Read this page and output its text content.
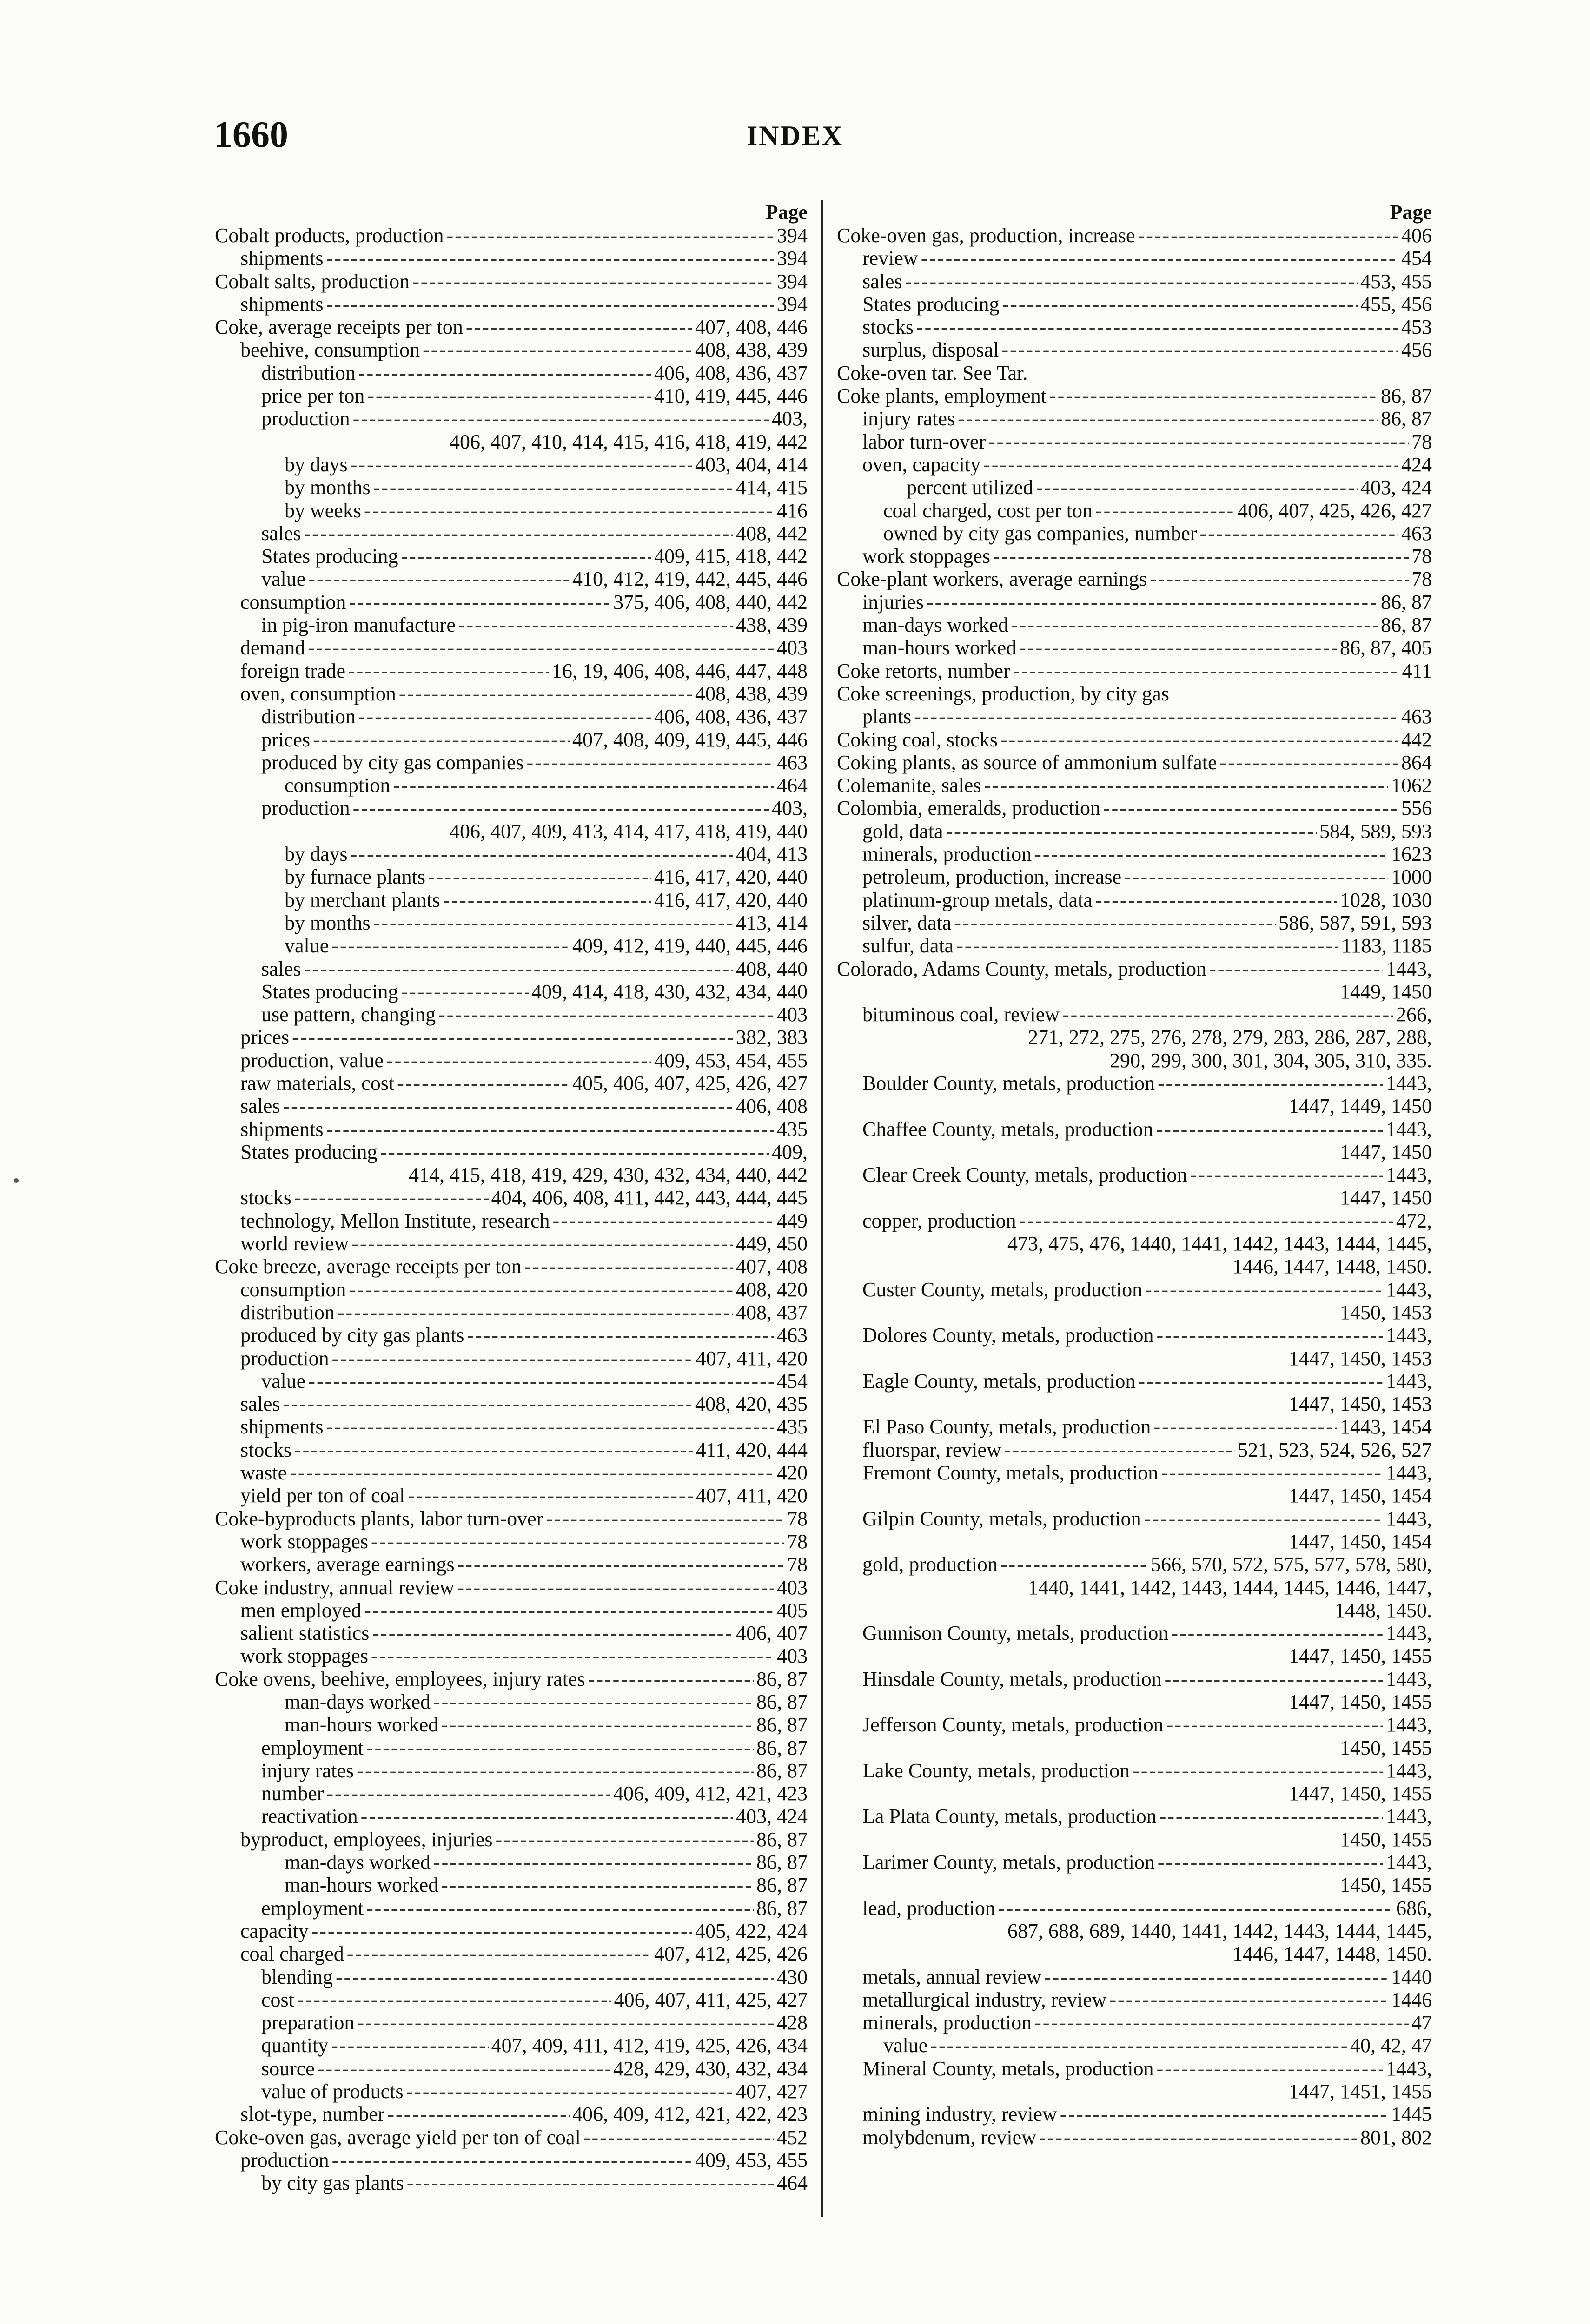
1660	INDEX
Page
Cobalt products, production -----	394
shipments -----	394
Cobalt salts, production -----	394
shipments -----	394
Coke, average receipts per ton -----	407, 408, 446
beehive, consumption -----	408, 438, 439
distribution -----	406, 408, 436, 437
price per ton -----	410, 419, 445, 446
production -----	403,
406, 407, 410, 414, 415, 416, 418, 419, 442
by days -----	403, 404, 414
by months -----	414, 415
by weeks -----	416
sales -----	408, 442
States producing -----	409, 415, 418, 442
value -----	410, 412, 419, 442, 445, 446
consumption -----	375, 406, 408, 440, 442
in pig-iron manufacture -----	438, 439
demand -----	403
foreign trade -----	16, 19, 406, 408, 446, 447, 448
oven, consumption -----	408, 438, 439
distribution -----	406, 408, 436, 437
prices -----	407, 408, 409, 419, 445, 446
produced by city gas companies -----	463
consumption -----	464
production -----	403,
406, 407, 409, 413, 414, 417, 418, 419, 440
by days -----	404, 413
by furnace plants -----	416, 417, 420, 440
by merchant plants -----	416, 417, 420, 440
by months -----	413, 414
value -----	409, 412, 419, 440, 445, 446
sales -----	408, 440
States producing -----	409, 414, 418, 430, 432, 434, 440
use pattern, changing -----	403
prices -----	382, 383
production, value -----	409, 453, 454, 455
raw materials, cost -----	405, 406, 407, 425, 426, 427
sales -----	406, 408
shipments -----	435
States producing -----	409,
414, 415, 418, 419, 429, 430, 432, 434, 440, 442
stocks -----	404, 406, 408, 411, 442, 443, 444, 445
technology, Mellon Institute, research -----	449
world review -----	449, 450
Coke breeze, average receipts per ton -----	407, 408
consumption -----	408, 420
distribution -----	408, 437
produced by city gas plants -----	463
production -----	407, 411, 420
value -----	454
sales -----	408, 420, 435
shipments -----	435
stocks -----	411, 420, 444
waste -----	420
yield per ton of coal -----	407, 411, 420
Coke-byproducts plants, labor turn-over -----	78
work stoppages -----	78
workers, average earnings -----	78
Coke industry, annual review -----	403
men employed -----	405
salient statistics -----	406, 407
work stoppages -----	403
Coke ovens, beehive, employees, injury rates -----	86, 87
man-days worked -----	86, 87
man-hours worked -----	86, 87
employment -----	86, 87
injury rates -----	86, 87
number -----	406, 409, 412, 421, 423
reactivation -----	403, 424
byproduct, employees, injuries -----	86, 87
man-days worked -----	86, 87
man-hours worked -----	86, 87
employment -----	86, 87
capacity -----	405, 422, 424
coal charged -----	407, 412, 425, 426
blending -----	430
cost -----	406, 407, 411, 425, 427
preparation -----	428
quantity -----	407, 409, 411, 412, 419, 425, 426, 434
source -----	428, 429, 430, 432, 434
value of products -----	407, 427
slot-type, number -----	406, 409, 412, 421, 422, 423
Coke-oven gas, average yield per ton of coal -----	452
production -----	409, 453, 455
by city gas plants -----	464
Page
Coke-oven gas, production, increase -----	406
review -----	454
sales -----	453, 455
States producing -----	455, 456
stocks -----	453
surplus, disposal -----	456
Coke-oven tar. See Tar.
Coke plants, employment -----	86, 87
injury rates -----	86, 87
labor turn-over -----	78
oven, capacity -----	424
percent utilized -----	403, 424
coal charged, cost per ton -----	406, 407, 425, 426, 427
owned by city gas companies, number -----	463
work stoppages -----	78
Coke-plant workers, average earnings -----	78
injuries -----	86, 87
man-days worked -----	86, 87
man-hours worked -----	86, 87, 405
Coke retorts, number -----	411
Coke screenings, production, by city gas
plants -----	463
Coking coal, stocks -----	442
Coking plants, as source of ammonium sulfate -----	864
Colemanite, sales -----	1062
Colombia, emeralds, production -----	556
gold, data -----	584, 589, 593
minerals, production -----	1623
petroleum, production, increase -----	1000
platinum-group metals, data -----	1028, 1030
silver, data -----	586, 587, 591, 593
sulfur, data -----	1183, 1185
Colorado, Adams County, metals, production -----	1443,
1449, 1450
bituminous coal, review -----	266,
271, 272, 275, 276, 278, 279, 283, 286, 287, 288,
290, 299, 300, 301, 304, 305, 310, 335.
Boulder County, metals, production -----	1443,
1447, 1449, 1450
Chaffee County, metals, production -----	1443,
1447, 1450
Clear Creek County, metals, production -----	1443,
1447, 1450
copper, production -----	472,
473, 475, 476, 1440, 1441, 1442, 1443, 1444, 1445,
1446, 1447, 1448, 1450.
Custer County, metals, production -----	1443,
1450, 1453
Dolores County, metals, production -----	1443,
1447, 1450, 1453
Eagle County, metals, production -----	1443,
1447, 1450, 1453
El Paso County, metals, production -----	1443, 1454
fluorspar, review -----	521, 523, 524, 526, 527
Fremont County, metals, production -----	1443,
1447, 1450, 1454
Gilpin County, metals, production -----	1443,
1447, 1450, 1454
gold, production -----	566, 570, 572, 575, 577, 578, 580,
1440, 1441, 1442, 1443, 1444, 1445, 1446, 1447,
1448, 1450.
Gunnison County, metals, production -----	1443,
1447, 1450, 1455
Hinsdale County, metals, production -----	1443,
1447, 1450, 1455
Jefferson County, metals, production -----	1443,
1450, 1455
Lake County, metals, production -----	1443,
1447, 1450, 1455
La Plata County, metals, production -----	1443,
1450, 1455
Larimer County, metals, production -----	1443,
1450, 1455
lead, production -----	686,
687, 688, 689, 1440, 1441, 1442, 1443, 1444, 1445,
1446, 1447, 1448, 1450.
metals, annual review -----	1440
metallurgical industry, review -----	1446
minerals, production -----	47
value -----	40, 42, 47
Mineral County, metals, production -----	1443,
1447, 1451, 1455
mining industry, review -----	1445
molybdenum, review -----	801, 802
